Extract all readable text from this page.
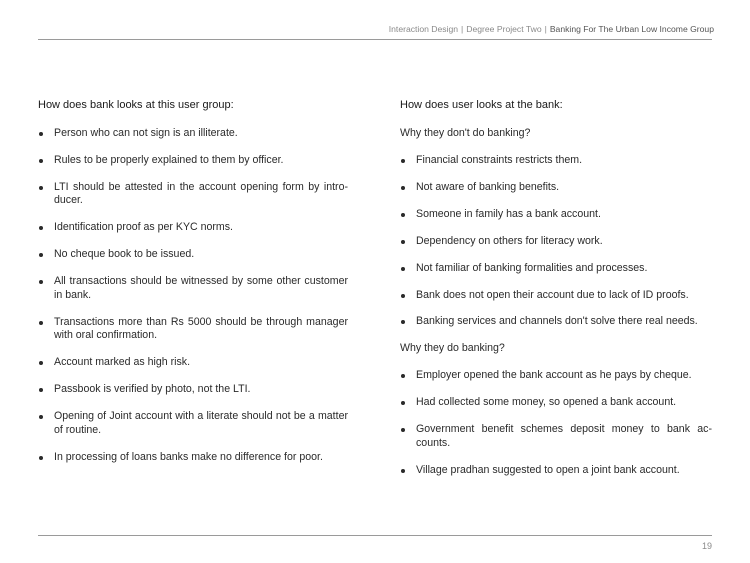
Interaction Design | Degree Project Two | Banking For The Urban Low Income Group
How does bank looks at this user group:
Person who can not sign is an illiterate.
Rules to be properly explained to them by officer.
LTI should be attested in the account opening form by intro-ducer.
Identification proof as per KYC norms.
No cheque book to be issued.
All transactions should be witnessed by some other customer in bank.
Transactions more than Rs 5000 should be through manager with oral confirmation.
Account marked as high risk.
Passbook is verified by photo, not the LTI.
Opening of Joint account with a literate should not be a matter of routine.
In processing of loans banks make no difference for poor.
How does user looks at the bank:
Why they don't do banking?
Financial constraints restricts them.
Not aware of banking benefits.
Someone in family has a bank account.
Dependency on others for literacy work.
Not familiar of banking formalities and processes.
Bank does not open their account due to lack of ID proofs.
Banking services and channels don't solve there real needs.
Why they do banking?
Employer opened the bank account as he pays by cheque.
Had collected some money, so opened a bank account.
Government benefit schemes deposit money to bank ac-counts.
Village pradhan suggested to open a joint bank account.
19
